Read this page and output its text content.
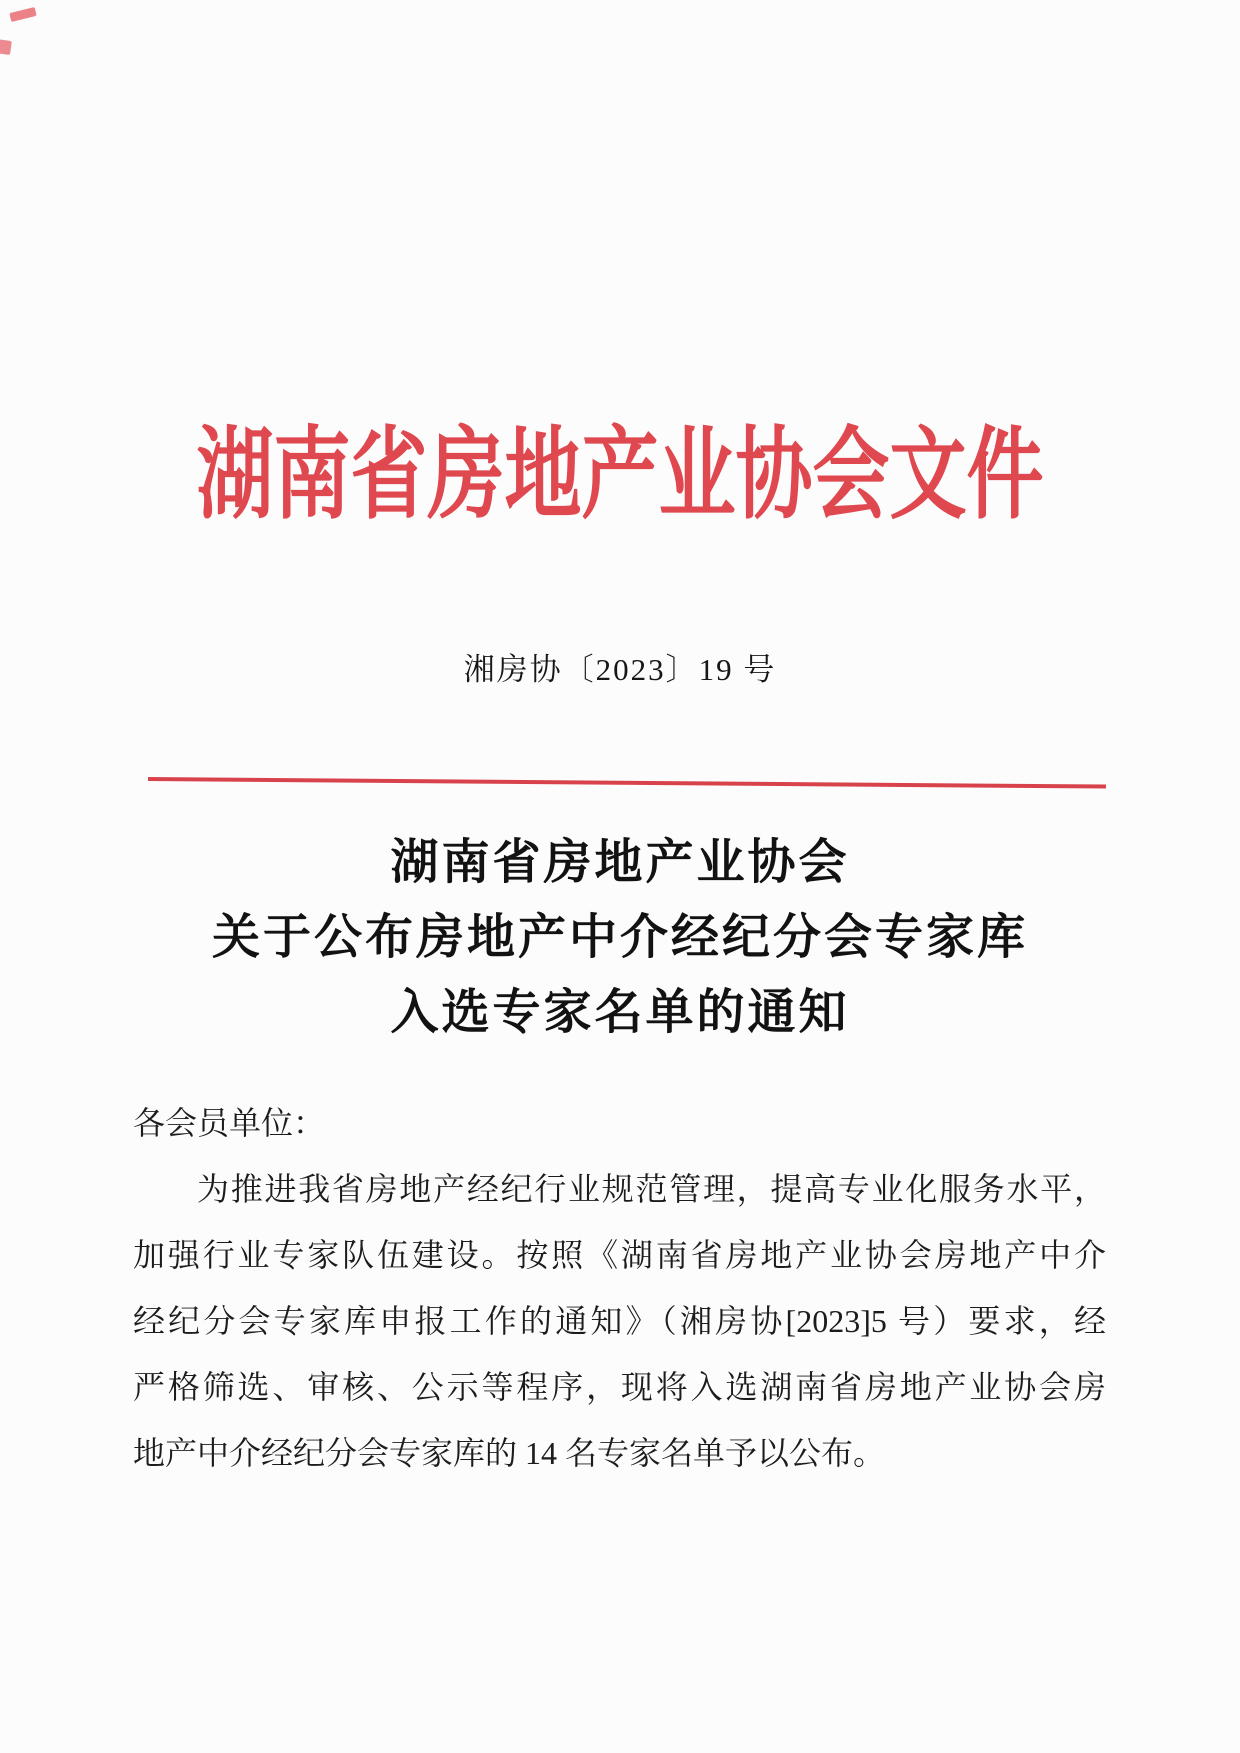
湖南省房地产业协会文件
湘房协〔2023〕19 号
湖南省房地产业协会
关于公布房地产中介经纪分会专家库
入选专家名单的通知
各会员单位：
为推进我省房地产经纪行业规范管理，提高专业化服务水平，
加强行业专家队伍建设。按照《湖南省房地产业协会房地产中介
经纪分会专家库申报工作的通知》（湘房协[2023]5 号）要求，经
严格筛选、审核、公示等程序，现将入选湖南省房地产业协会房
地产中介经纪分会专家库的 14 名专家名单予以公布。
